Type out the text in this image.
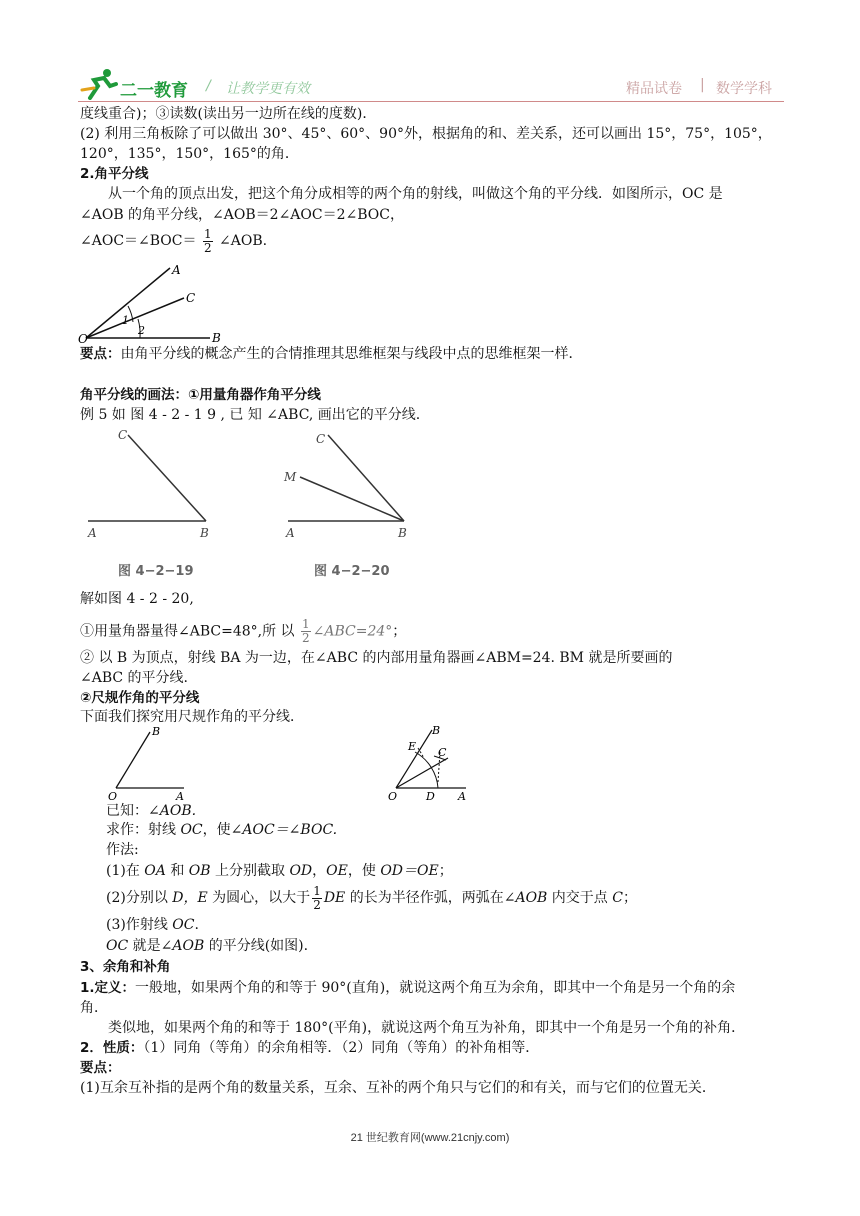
二一教育 / 让教学更有效	精品试卷 | 数学学科
度线重合)；③读数(读出另一边所在线的度数)．
(2) 利用三角板除了可以做出 30°、45°、60°、90°外，根据角的和、差关系，还可以画出 15°，75°，105°，
120°，135°，150°，165°的角．
2.角平分线
从一个角的顶点出发，把这个角分成相等的两个角的射线，叫做这个角的平分线．如图所示，OC 是
∠AOB 的角平分线，∠AOB＝2∠AOC＝2∠BOC，
∠AOC＝∠BOC＝ $\frac{1}{2}$ ∠AOB.
A
C
B
O
1
2
要点：由角平分线的概念产生的合情推理其思维框架与线段中点的思维框架一样．
角平分线的画法：①用量角器作角平分线
例 5 如 图 4 - 2 - 1 9 , 已 知 ∠ABC, 画出它的平分线.
C
A	B
图 4−2−19
C
M
A	B
图 4−2−20
解如图 4 - 2 - 20,
①用量角器量得∠ABC=48°,所 以 $\frac{1}{2}$ ∠ABC=24°；
② 以 B 为顶点，射线 BA 为一边，在∠ABC 的内部用量角器画∠ABM=24. BM 就是所要画的
∠ABC 的平分线.
②尺规作角的平分线
下面我们探究用尺规作角的平分线．
B
O	A
B
E C
O	D A
已知：∠AOB.
求作：射线 OC，使∠AOC＝∠BOC.
作法:
(1)在 OA 和 OB 上分别截取 OD，OE，使 OD＝OE；
(2)分别以 D，E 为圆心，以大于 $\frac{1}{2}$ DE 的长为半径作弧，两弧在∠AOB 内交于点 C；
(3)作射线 OC.
OC 就是∠AOB 的平分线(如图).
3、余角和补角
1.定义：一般地，如果两个角的和等于 90°(直角)，就说这两个角互为余角，即其中一个角是另一个角的余
角．
类似地，如果两个角的和等于 180°(平角)，就说这两个角互为补角，即其中一个角是另一个角的补角．
2．性质：（1）同角（等角）的余角相等．（2）同角（等角）的补角相等．
要点：
(1)互余互补指的是两个角的数量关系，互余、互补的两个角只与它们的和有关，而与它们的位置无关．
21 世纪教育网(www.21cnjy.com)
